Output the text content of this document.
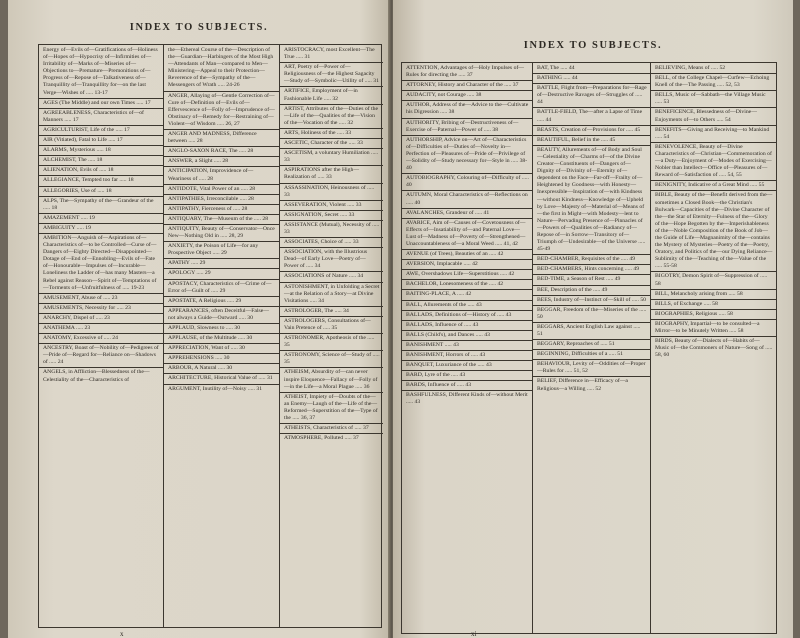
INDEX TO SUBJECTS.

Energy of—Evils of—Gratifications of—Holiness of—Hopes of—Hypocrisy of—Infirmities of—Irritability of—Marks of—Miseries of—Objections to—Premature—Premonitions of—Progress of—Repose of—Talkativeness of—Tranquillity of—Tranquillity for—on the last Verge—Wishes of ..... 13-17

AGES (The Middle) and our own Times ..... 17

AGREEABLENESS, Characteristics of—of Manners ..... 17

AGRICULTURIST, Life of the ..... 17

AIR (Vitiated), Fatal to Life ..... 17

ALARMS, Mysterious ..... 18

ALCHEMIST, The ..... 18

ALIENATION, Evils of ..... 18

ALLEGIANCE, Tempted too far ..... 18

ALLEGORIES, Use of ..... 18

ALPS, The—Sympathy of the—Grandeur of the ..... 18

AMAZEMENT ..... 19

AMBIGUITY ..... 19

AMBITION—Anguish of—Aspirations of—Characteristics of—to be Controlled—Curse of—Dangers of—Eighty Directed—Disappointed—Dotage of—End of—Ennobling—Evils of—Fate of—Honourable—Impulses of—Incurable—Loneliness the Ladder of—has many Masters—a Rebel against Reason—Spirit of—Temptations of—Torments of—Unfruitfulness of ..... 19-23

AMUSEMENT, Abuse of ..... 23

AMUSEMENTS, Necessity for ..... 23

ANARCHY, Dispel of ..... 23

ANATHEMA ..... 23

ANATOMY, Excessive of ..... 24

ANCESTRY, Boast of—Nobility of—Pedigrees of—Pride of—Regard for—Reliance on—Shadows of ..... 24

ANGELS, in Affliction—Blessedness of the—Celestiality of the—Characteristics of

the—Ethereal Course of the—Description of the—Guardian—Harbingers of the Most High—Attendants of Man—compared to Men—Ministering—Appeal to their Protection—Reverence of the—Sympathy of the—Messengers of Wrath ..... 24-26

ANGER, Allaying of—Gentle Correction of—Cure of—Definition of—Evils of—Effervescence of—Folly of—Imprudence of—Obstinacy of—Remedy for—Restraining of—Violent—of Wisdom ..... 26, 27

ANGER AND MADNESS, Difference between ..... 28

ANGLO-SAXON RACE, The ..... 28

ANSWER, a Slight ..... 28

ANTICIPATION, Improvidence of—Weariness of ..... 28

ANTIDOTE, Vital Power of an ..... 28

ANTIPATHIES, Irreconcilable ..... 28

ANTIPATHY, Fierceness of ..... 28

ANTIQUARY, The—Museum of the ..... 28

ANTIQUITY, Beauty of—Conservator—Once New—Nothing Old in ..... 28, 29

ANXIETY, the Poison of Life—for any Prospective Object ..... 29

APATHY ..... 29

APOLOGY ..... 29

APOSTACY, Characteristics of—Crime of—Error of—Guilt of ..... 29

APOSTATE, A Religious ..... 29

APPEARANCES, often Deceitful—False—not always a Guide—Outward ..... 30

APPLAUD, Slowness to ..... 30

APPLAUSE, of the Multitude ..... 30

APPRECIATION, Want of ..... 30

APPREHENSIONS ..... 30

ARBOUR, A Natural ..... 30

ARCHITECTURE, Historical Value of ..... 31

ARGUMENT, Inutility of—Noisy ..... 31

ARISTOCRACY, most Excellent—The True ..... 31

ART, Poetry of—Power of—Religiousness of—the Highest Sagacity—Study of—Symbolic—Utility of ..... 31

ARTIFICE, Employment of—in Fashionable Life ..... 32

ARTIST, Attributes of the—Duties of the—Life of the—Qualities of the—Vision of the—Vocation of the ..... 32

ARTS, Holiness of the ..... 33

ASCETIC, Character of the ..... 33

ASCETISM, a voluntary Humiliation ..... 33

ASPIRATIONS after the High—Realization of ..... 33

ASSASSINATION, Heinousness of ..... 33

ASSEVERATION, Violent ..... 33

ASSIGNATION, Secret ..... 33

ASSISTANCE (Mutual), Necessity of ..... 33

ASSOCIATES, Choice of ..... 33

ASSOCIATION, with the Illustrious Dead—of Early Love—Poetry of—Power of ..... 34

ASSOCIATIONS of Nature ..... 34

ASTONISHMENT, in Unfolding a Secret—at the Relation of a Story—at Divine Visitations ..... 34

ASTROLOGER, The ..... 34

ASTROLOGERS, Consultations of—Vain Pretence of ..... 35

ASTRONOMER, Apotheosis of the ..... 35

ASTRONOMY, Science of—Study of ..... 35

ATHEISM, Absurdity of—can never inspire Eloquence—Fallacy of—Folly of—in the Life—a Moral Plague ..... 36

ATHEIST, Impiety of—Doubts of the—an Enemy—Laugh of the—Life of the—Reformed—Superstition of the—Type of the ..... 36, 37

ATHEISTS, Characteristics of ..... 37

ATMOSPHERE, Polluted ..... 37

x
INDEX TO SUBJECTS.

ATTENTION, Advantages of—Holy Impulses of—Rules for directing the ..... 37

ATTORNEY, History and Character of the ..... 37

AUDACITY, not Courage ..... 38

AUTHOR, Address of the—Advice to the—Cultivate his Digression ..... 38

AUTHORITY, Bribing of—Destructiveness of—Exercise of—Paternal—Power of ..... 38

AUTHORSHIP, Advice on—Art of—Characteristics of—Difficulties of—Duties of—Novelty in—Perfection of—Pleasures of—Pride of—Privilege of—Solidity of—Study necessary for—Style in ..... 38-40

AUTOBIOGRAPHY, Colouring of—Difficulty of ..... 40

AUTUMN, Moral Characteristics of—Reflections on ..... 40

AVALANCHES, Grandeur of ..... 41

AVARICE, Aim of—Causes of—Covetousness of—Effects of—Insatiability of—and Paternal Love—Lust of—Madness of—Poverty of—Strengthened—Unaccountableness of—a Moral Weed ..... 41, 42

AVENUE (of Trees), Beauties of an ..... 42

AVERSION, Implacable ..... 42

AWE, Overshadows Life—Superstitious ..... 42

BACHELOR, Lonesomeness of the ..... 42

BAITING-PLACE, A ..... 42

BALL, Allurements of the ..... 43

BALLADS, Definitions of—History of ..... 43

BALLADS, Influence of ..... 43

BALLS (Child's), and Dances ..... 43

BANISHMENT ..... 43

BANISHMENT, Horrors of ..... 43

BANQUET, Luxuriance of the ..... 43

BARD, Lyre of the ..... 43

BARDS, Influence of ..... 43

BASHFULNESS, Different Kinds of—without Merit ..... 43

BAT, The ..... 44

BATHING ..... 44

BATTLE, Flight from—Preparations for—Rage of—Destructive Ravages of—Struggles of ..... 44

BATTLE-FIELD, The—after a Lapse of Time ..... 44

BEASTS, Creation of—Provisions for ..... 45

BEAUTIFUL, Belief in the ..... 45

BEAUTY, Allurements of—of Body and Soul—Celestiality of—Charms of—of the Divine Creator—Constituents of—Dangers of—Dignity of—Divinity of—Eternity of—dependent on the Face—Far-off—Frailty of—Heightened by Goodness—with Honesty—Inexpressible—Inspiration of—with Kindness—without Kindness—Knowledge of—Upheld by Love—Majesty of—Material of—Means of—the first in Might—with Modesty—lent to Nature—Pervading Presence of—Pinnacles of—Powers of—Qualities of—Radiancy of—Repose of—in Sorrow—Transitory of—Triumph of—Undesirable—of the Universe ..... 45-49

BED-CHAMBER, Requisites of the ..... 49

BED-CHAMBERS, Hints concerning ..... 49

BED-TIME, a Season of Rest ..... 49

BEE, Description of the ..... 49

BEES, Industry of—Instinct of—Skill of ..... 50

BEGGAR, Freedom of the—Miseries of the ..... 50

BEGGARS, Ancient English Law against ..... 51

BEGGARY, Reproaches of ..... 51

BEGINNING, Difficulties of a ..... 51

BEHAVIOUR, Levity of—Oddities of—Proper—Rules for ..... 51, 52

BELIEF, Difference in—Efficacy of—a Religious—a Willing ..... 52

BELIEVING, Means of ..... 52

BELL, of the College Chapel—Curfew—Echoing Knell of the—The Passing ..... 52, 53

BELLS, Music of—Sabbath—the Village Music ..... 53

BENEFICENCE, Blessedness of—Divine—Enjoyments of—to Others ..... 54

BENEFITS—Giving and Receiving—to Mankind ..... 54

BENEVOLENCE, Beauty of—Divine Characteristics of—Christian—Commemoration of—a Duty—Enjoyment of—Modes of Exercising—Nobler than Intellect—Office of—Pleasures of—Reward of—Satisfaction of ..... 54, 55

BENIGNITY, Indicative of a Great Mind ..... 55

BIBLE, Beauty of the—Benefit derived from the—sometimes a Closed Book—the Christian's Bulwark—Capacities of the—Divine Character of the—the Star of Eternity—Fulness of the—Glory of the—Hope Begotten by the—Imperishableness of the—Noble Composition of the Book of Job—the Guide of Life—Magnanimity of the—contains the Mystery of Mysteries—Poetry of the—Poetry, Oratory, and Politics of the—our Dying Reliance—Sublimity of the—Teaching of the—Value of the ..... 55-58

BIGOTRY, Demon Spirit of—Suppression of ..... 58

BILL, Melancholy arising from ..... 58

BILLS, of Exchange ..... 58

BIOGRAPHIES, Religious ..... 58

BIOGRAPHY, Impartial—to be consulted—a Mirror—to be Minutely Written ..... 58

BIRDS, Beauty of—Dialects of—Habits of—Music of—the Commoners of Nature—Song of ..... 58, 60

xi
